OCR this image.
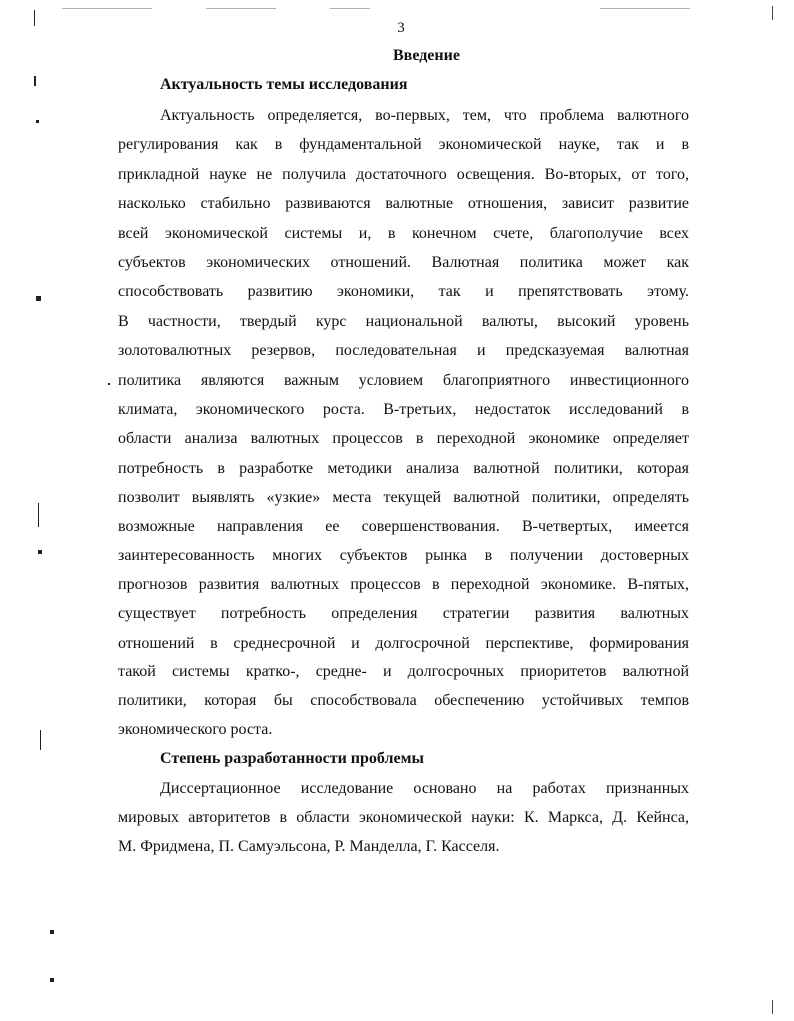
3
Введение
Актуальность темы исследования
Актуальность определяется, во-первых, тем, что проблема валютного
регулирования как в фундаментальной экономической науке, так и в
прикладной науке не получила достаточного освещения. Во-вторых, от того,
насколько стабильно развиваются валютные отношения, зависит развитие
всей экономической системы и, в конечном счете, благополучие всех
субъектов экономических отношений. Валютная политика может как
способствовать развитию экономики, так и препятствовать этому.
В частности, твердый курс национальной валюты, высокий уровень
золотовалютных резервов, последовательная и предсказуемая валютная
политика являются важным условием благоприятного инвестиционного
климата, экономического роста. В-третьих, недостаток исследований в
области анализа валютных процессов в переходной экономике определяет
потребность в разработке методики анализа валютной политики, которая
позволит выявлять «узкие» места текущей валютной политики, определять
возможные направления ее совершенствования. В-четвертых, имеется
заинтересованность многих субъектов рынка в получении достоверных
прогнозов развития валютных процессов в переходной экономике. В-пятых,
существует потребность определения стратегии развития валютных
отношений в среднесрочной и долгосрочной перспективе, формирования
такой системы кратко-, средне- и долгосрочных приоритетов валютной
политики, которая бы способствовала обеспечению устойчивых темпов
экономического роста.
Степень разработанности проблемы
Диссертационное исследование основано на работах признанных
мировых авторитетов в области экономической науки: К. Маркса, Д. Кейнса,
М. Фридмена, П. Самуэльсона, Р. Манделла, Г. Касселя.
